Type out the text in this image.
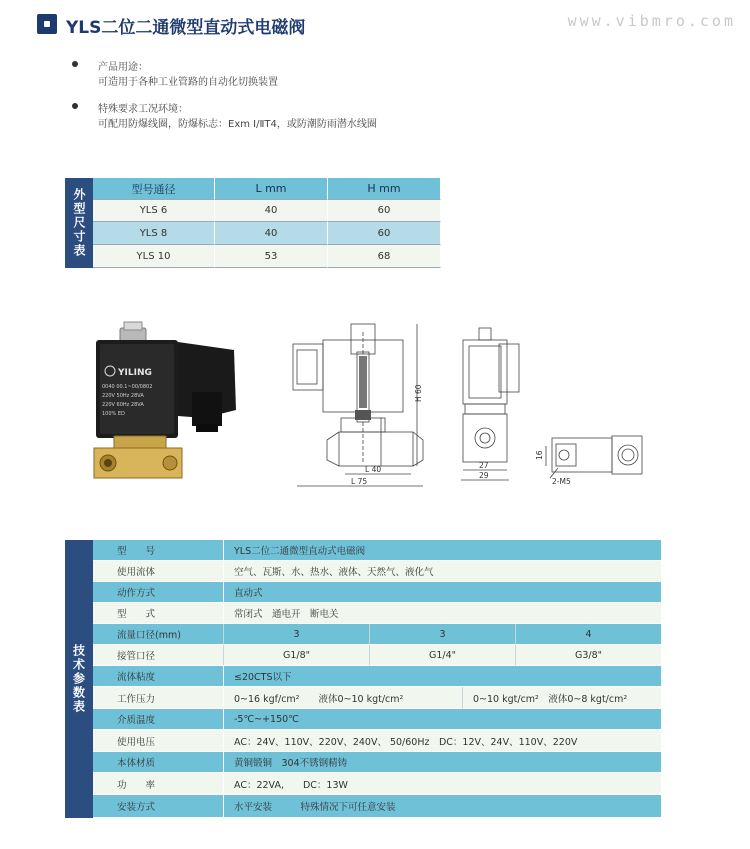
YLS二位二通微型直动式电磁阀	www.vibmro.com
产品用途：
可造用于各种工业管路的自动化切换装置
特殊要求工况环境：
可配用防爆线圈，防爆标志：Exm Ⅰ/ⅡT4，或防潮防雨潜水线圈
外型尺寸表	型号通径	L mm	H mm
YLS 6	40	60
YLS 8	40	60
YLS 10	53	68
YILING
0040 00.1~00/0802
220V 50Hz 28VA
220V 60Hz 28VA
100% ED
L 40
L 75
H 60
27
29
16
2-M5
技术参数表
型　　号	YLS二位二通微型直动式电磁阀
使用流体	空气、瓦斯、水、热水、液体、天然气、液化气
动作方式	直动式
型　　式	常闭式　通电开　断电关
流量口径(mm)	3	3	4
接管口径	G1/8"	G1/4"	G3/8"
流体粘度	≤20CTS以下
工作压力	0~16 kgf/cm²　　液体0~10 kgt/cm²	0~10 kgt/cm²　液体0~8 kgt/cm²
介质温度	-5℃~+150℃
使用电压	AC：24V、110V、220V、240V、 50/60Hz　DC：12V、24V、110V、220V
本体材质	黄铜锻铜　304不锈钢精铸
功　　率	AC：22VA,　　DC：13W
安装方式	水平安装　　　特殊情况下可任意安装
